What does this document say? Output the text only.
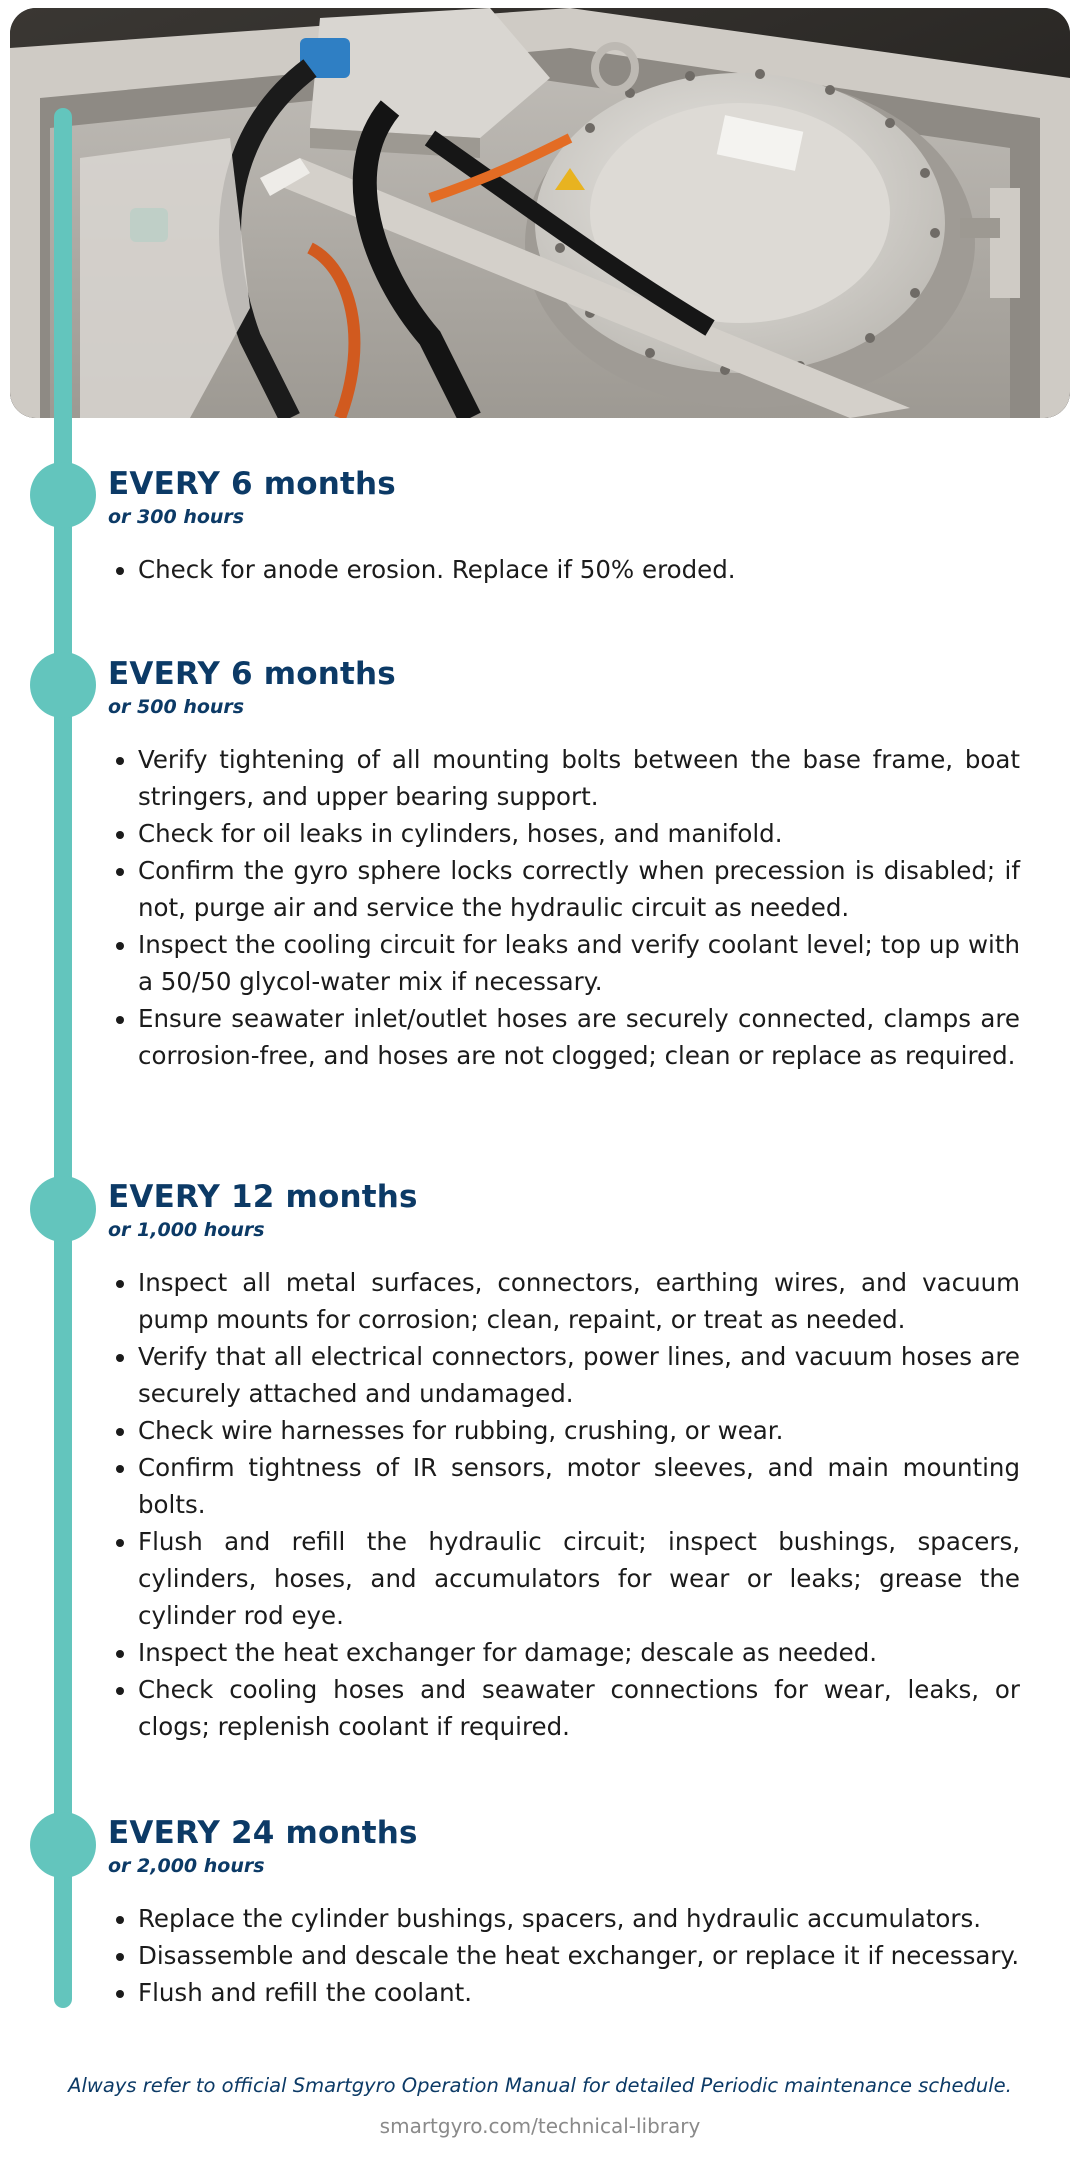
EVERY 6 months

or 300 hours

• Check for anode erosion. Replace if 50% eroded.
EVERY 6 months

or 500 hours

• Verify tightening of all mounting bolts between the base frame, boat stringers, and upper bearing support.
• Check for oil leaks in cylinders, hoses, and manifold.
• Confirm the gyro sphere locks correctly when precession is disabled; if not, purge air and service the hydraulic circuit as needed.
• Inspect the cooling circuit for leaks and verify coolant level; top up with a 50/50 glycol-water mix if necessary.
• Ensure seawater inlet/outlet hoses are securely connected, clamps are corrosion-free, and hoses are not clogged; clean or replace as required.
EVERY 12 months

or 1,000 hours

• Inspect all metal surfaces, connectors, earthing wires, and vacuum pump mounts for corrosion; clean, repaint, or treat as needed.
• Verify that all electrical connectors, power lines, and vacuum hoses are securely attached and undamaged.
• Check wire harnesses for rubbing, crushing, or wear.
• Confirm tightness of IR sensors, motor sleeves, and main mounting bolts.
• Flush and refill the hydraulic circuit; inspect bushings, spacers, cylinders, hoses, and accumulators for wear or leaks; grease the cylinder rod eye.
• Inspect the heat exchanger for damage; descale as needed.
• Check cooling hoses and seawater connections for wear, leaks, or clogs; replenish coolant if required.
EVERY 24 months

or 2,000 hours

• Replace the cylinder bushings, spacers, and hydraulic accumulators.
• Disassemble and descale the heat exchanger, or replace it if necessary.
• Flush and refill the coolant.
Always refer to official Smartgyro Operation Manual for detailed Periodic maintenance schedule.
smartgyro.com/technical-library
